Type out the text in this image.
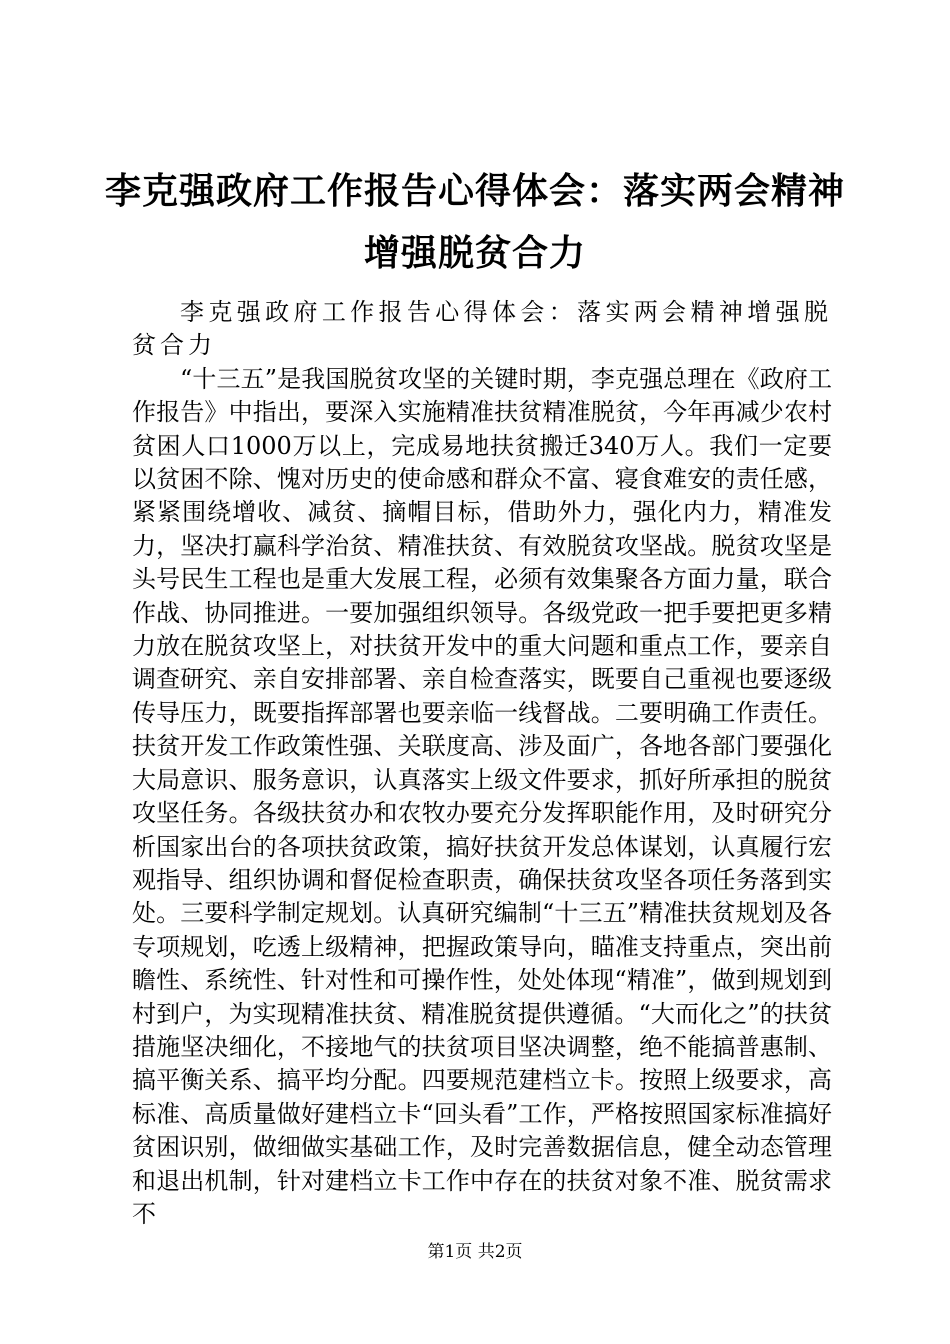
李克强政府工作报告心得体会：落实两会精神
增强脱贫合力

李克强政府工作报告心得体会：落实两会精神增强脱贫合力

“十三五”是我国脱贫攻坚的关键时期，李克强总理在《政府工作报告》中指出，要深入实施精准扶贫精准脱贫，今年再减少农村贫困人口1000万以上，完成易地扶贫搬迁340万人。我们一定要以贫困不除、愧对历史的使命感和群众不富、寝食难安的责任感，紧紧围绕增收、减贫、摘帽目标，借助外力，强化内力，精准发力，坚决打赢科学治贫、精准扶贫、有效脱贫攻坚战。脱贫攻坚是头号民生工程也是重大发展工程，必须有效集聚各方面力量，联合作战、协同推进。一要加强组织领导。各级党政一把手要把更多精力放在脱贫攻坚上，对扶贫开发中的重大问题和重点工作，要亲自调查研究、亲自安排部署、亲自检查落实，既要自己重视也要逐级传导压力，既要指挥部署也要亲临一线督战。二要明确工作责任。扶贫开发工作政策性强、关联度高、涉及面广，各地各部门要强化大局意识、服务意识，认真落实上级文件要求，抓好所承担的脱贫攻坚任务。各级扶贫办和农牧办要充分发挥职能作用，及时研究分析国家出台的各项扶贫政策，搞好扶贫开发总体谋划，认真履行宏观指导、组织协调和督促检查职责，确保扶贫攻坚各项任务落到实处。三要科学制定规划。认真研究编制“十三五”精准扶贫规划及各专项规划，吃透上级精神，把握政策导向，瞄准支持重点，突出前瞻性、系统性、针对性和可操作性，处处体现“精准”，做到规划到村到户，为实现精准扶贫、精准脱贫提供遵循。“大而化之”的扶贫措施坚决细化，不接地气的扶贫项目坚决调整，绝不能搞普惠制、搞平衡关系、搞平均分配。四要规范建档立卡。按照上级要求，高标准、高质量做好建档立卡“回头看”工作，严格按照国家标准搞好贫困识别，做细做实基础工作，及时完善数据信息，健全动态管理和退出机制，针对建档立卡工作中存在的扶贫对象不准、脱贫需求不

第1页 共2页
